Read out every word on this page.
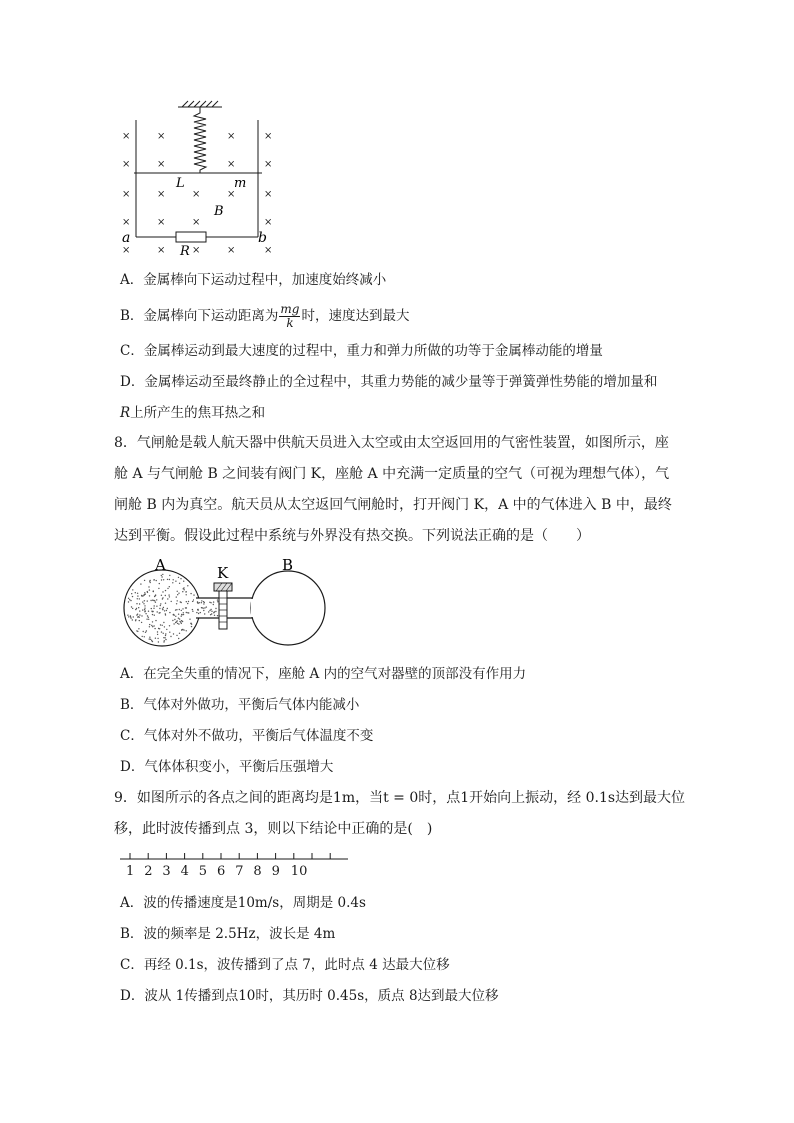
×	×	×	×
×	×	×	×
×	×	×	×	×
×	×	×	×
×	×	×	×	×
L	m
B
a	b
R
A．金属棒向下运动过程中，加速度始终减小
B．金属棒向下运动距离为 $\frac{mg}{k}$ 时，速度达到最大
C．金属棒运动到最大速度的过程中，重力和弹力所做的功等于金属棒动能的增量
D．金属棒运动至最终静止的全过程中，其重力势能的减少量等于弹簧弹性势能的增加量和
R上所产生的焦耳热之和
8．气闸舱是载人航天器中供航天员进入太空或由太空返回用的气密性装置，如图所示，座
舱 A 与气闸舱 B 之间装有阀门 K，座舱 A 中充满一定质量的空气（可视为理想气体），气
闸舱 B 内为真空。航天员从太空返回气闸舱时，打开阀门 K，A 中的气体进入 B 中，最终
达到平衡。假设此过程中系统与外界没有热交换。下列说法正确的是（　　）
A	K	B
A．在完全失重的情况下，座舱 A 内的空气对器壁的顶部没有作用力
B．气体对外做功，平衡后气体内能减小
C．气体对外不做功，平衡后气体温度不变
D．气体体积变小，平衡后压强增大
9．如图所示的各点之间的距离均是1m，当t = 0时，点1开始向上振动，经 0.1s达到最大位
移，此时波传播到点 3，则以下结论中正确的是(　)
1 2 3 4 5 6 7 8 9 10
A．波的传播速度是10m/s，周期是 0.4s
B．波的频率是 2.5Hz，波长是 4m
C．再经 0.1s，波传播到了点 7，此时点 4 达最大位移
D．波从 1传播到点10时，其历时 0.45s，质点 8达到最大位移
